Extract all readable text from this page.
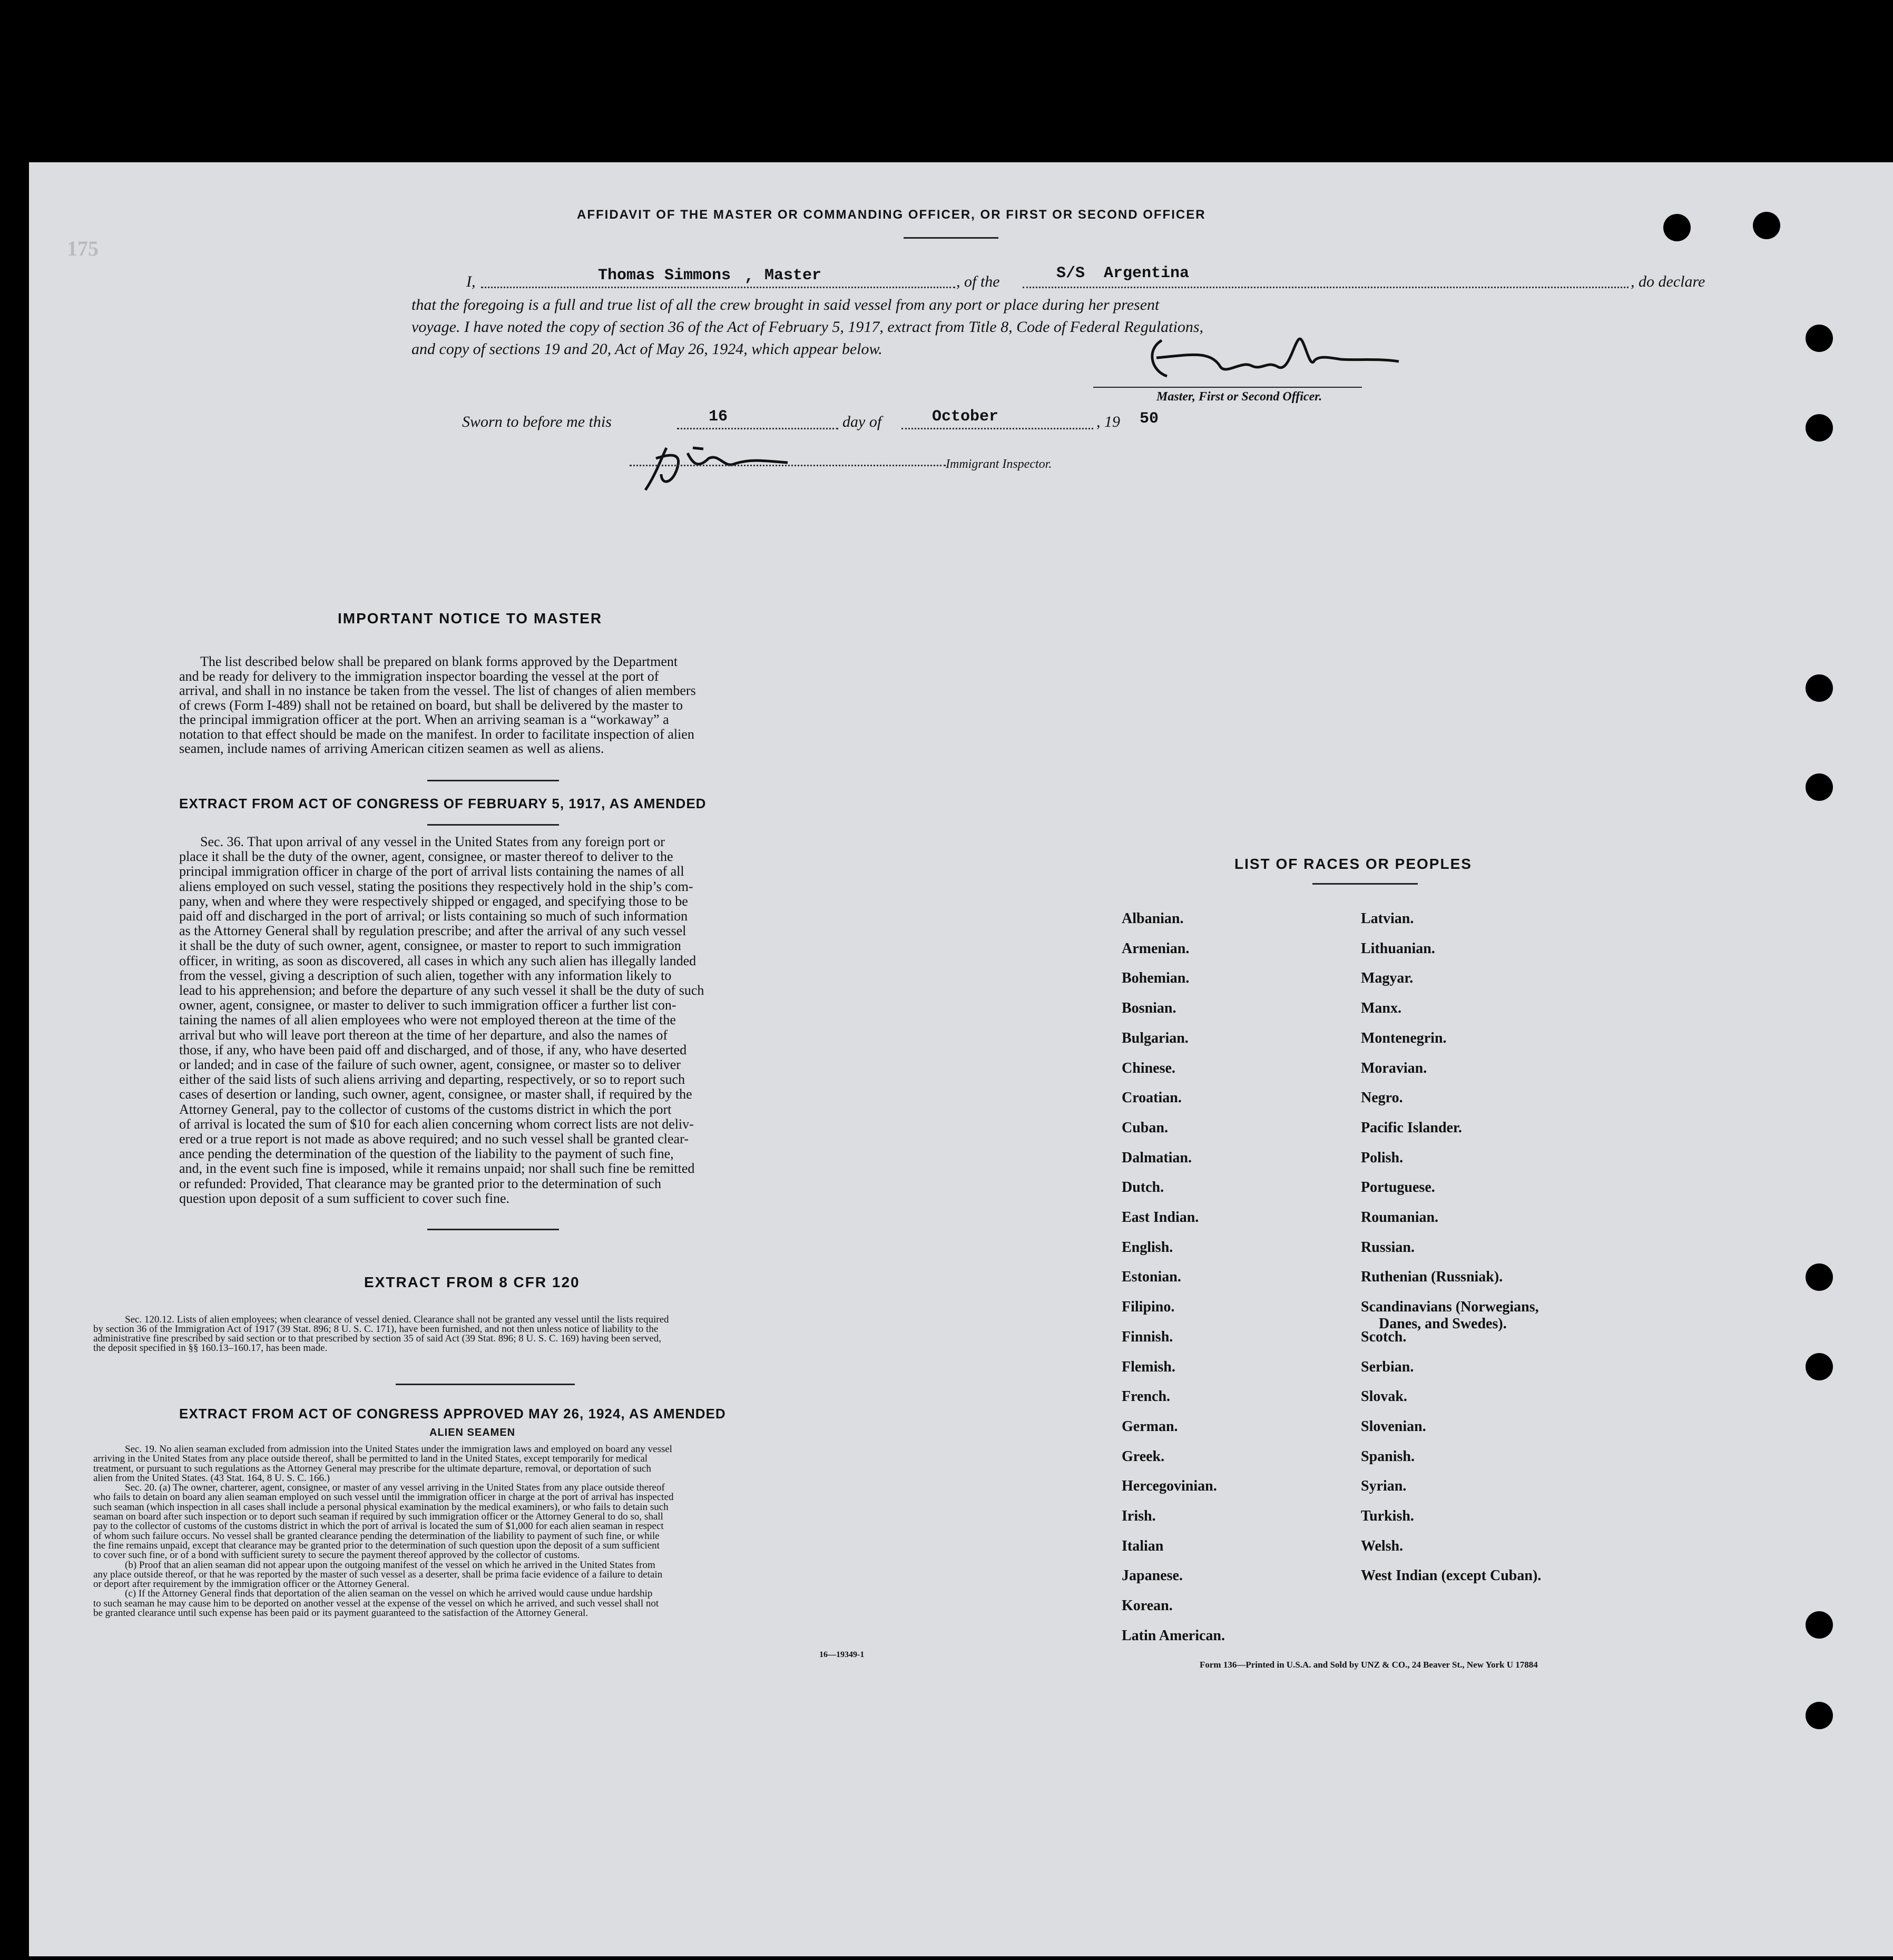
175
AFFIDAVIT OF THE MASTER OR COMMANDING OFFICER, OR FIRST OR SECOND OFFICER
I,	Thomas Simmons , Master	, of the	S/S  Argentina	, do declare
that the foregoing is a full and true list of all the crew brought in said vessel from any port or place during her present
voyage. I have noted the copy of section 36 of the Act of February 5, 1917, extract from Title 8, Code of Federal Regulations,
and copy of sections 19 and 20, Act of May 26, 1924, which appear below.
Master, First or Second Officer.
Sworn to before me this	16	day of	October	, 19 50
Immigrant Inspector.
IMPORTANT NOTICE TO MASTER
The list described below shall be prepared on blank forms approved by the Department
and be ready for delivery to the immigration inspector boarding the vessel at the port of
arrival, and shall in no instance be taken from the vessel. The list of changes of alien members
of crews (Form I-489) shall not be retained on board, but shall be delivered by the master to
the principal immigration officer at the port. When an arriving seaman is a “workaway” a
notation to that effect should be made on the manifest. In order to facilitate inspection of alien
seamen, include names of arriving American citizen seamen as well as aliens.
EXTRACT FROM ACT OF CONGRESS OF FEBRUARY 5, 1917, AS AMENDED
Sec. 36. That upon arrival of any vessel in the United States from any foreign port or
place it shall be the duty of the owner, agent, consignee, or master thereof to deliver to the
principal immigration officer in charge of the port of arrival lists containing the names of all
aliens employed on such vessel, stating the positions they respectively hold in the ship’s com-
pany, when and where they were respectively shipped or engaged, and specifying those to be
paid off and discharged in the port of arrival; or lists containing so much of such information
as the Attorney General shall by regulation prescribe; and after the arrival of any such vessel
it shall be the duty of such owner, agent, consignee, or master to report to such immigration
officer, in writing, as soon as discovered, all cases in which any such alien has illegally landed
from the vessel, giving a description of such alien, together with any information likely to
lead to his apprehension; and before the departure of any such vessel it shall be the duty of such
owner, agent, consignee, or master to deliver to such immigration officer a further list con-
taining the names of all alien employees who were not employed thereon at the time of the
arrival but who will leave port thereon at the time of her departure, and also the names of
those, if any, who have been paid off and discharged, and of those, if any, who have deserted
or landed; and in case of the failure of such owner, agent, consignee, or master so to deliver
either of the said lists of such aliens arriving and departing, respectively, or so to report such
cases of desertion or landing, such owner, agent, consignee, or master shall, if required by the
Attorney General, pay to the collector of customs of the customs district in which the port
of arrival is located the sum of $10 for each alien concerning whom correct lists are not deliv-
ered or a true report is not made as above required; and no such vessel shall be granted clear-
ance pending the determination of the question of the liability to the payment of such fine,
and, in the event such fine is imposed, while it remains unpaid; nor shall such fine be remitted
or refunded: Provided, That clearance may be granted prior to the determination of such
question upon deposit of a sum sufficient to cover such fine.
EXTRACT FROM 8 CFR 120
Sec. 120.12. Lists of alien employees; when clearance of vessel denied. Clearance shall not be granted any vessel until the lists required
by section 36 of the Immigration Act of 1917 (39 Stat. 896; 8 U. S. C. 171), have been furnished, and not then unless notice of liability to the
administrative fine prescribed by said section or to that prescribed by section 35 of said Act (39 Stat. 896; 8 U. S. C. 169) having been served,
the deposit specified in §§ 160.13–160.17, has been made.
EXTRACT FROM ACT OF CONGRESS APPROVED MAY 26, 1924, AS AMENDED
ALIEN SEAMEN
Sec. 19. No alien seaman excluded from admission into the United States under the immigration laws and employed on board any vessel
arriving in the United States from any place outside thereof, shall be permitted to land in the United States, except temporarily for medical
treatment, or pursuant to such regulations as the Attorney General may prescribe for the ultimate departure, removal, or deportation of such
alien from the United States. (43 Stat. 164, 8 U. S. C. 166.)
Sec. 20. (a) The owner, charterer, agent, consignee, or master of any vessel arriving in the United States from any place outside thereof
who fails to detain on board any alien seaman employed on such vessel until the immigration officer in charge at the port of arrival has inspected
such seaman (which inspection in all cases shall include a personal physical examination by the medical examiners), or who fails to detain such
seaman on board after such inspection or to deport such seaman if required by such immigration officer or the Attorney General to do so, shall
pay to the collector of customs of the customs district in which the port of arrival is located the sum of $1,000 for each alien seaman in respect
of whom such failure occurs. No vessel shall be granted clearance pending the determination of the liability to payment of such fine, or while
the fine remains unpaid, except that clearance may be granted prior to the determination of such question upon the deposit of a sum sufficient
to cover such fine, or of a bond with sufficient surety to secure the payment thereof approved by the collector of customs.
(b) Proof that an alien seaman did not appear upon the outgoing manifest of the vessel on which he arrived in the United States from
any place outside thereof, or that he was reported by the master of such vessel as a deserter, shall be prima facie evidence of a failure to detain
or deport after requirement by the immigration officer or the Attorney General.
(c) If the Attorney General finds that deportation of the alien seaman on the vessel on which he arrived would cause undue hardship
to such seaman he may cause him to be deported on another vessel at the expense of the vessel on which he arrived, and such vessel shall not
be granted clearance until such expense has been paid or its payment guaranteed to the satisfaction of the Attorney General.
16—19349-1
LIST OF RACES OR PEOPLES
Albanian.
Armenian.
Bohemian.
Bosnian.
Bulgarian.
Chinese.
Croatian.
Cuban.
Dalmatian.
Dutch.
East Indian.
English.
Estonian.
Filipino.
Finnish.
Flemish.
French.
German.
Greek.
Hercegovinian.
Irish.
Italian
Japanese.
Korean.
Latin American.
Latvian.
Lithuanian.
Magyar.
Manx.
Montenegrin.
Moravian.
Negro.
Pacific Islander.
Polish.
Portuguese.
Roumanian.
Russian.
Ruthenian (Russniak).
Scandinavians (Norwegians,
Danes, and Swedes).
Scotch.
Serbian.
Slovak.
Slovenian.
Spanish.
Syrian.
Turkish.
Welsh.
West Indian (except Cuban).
Form 136—Printed in U.S.A. and Sold by UNZ & CO., 24 Beaver St., New York U 17884
